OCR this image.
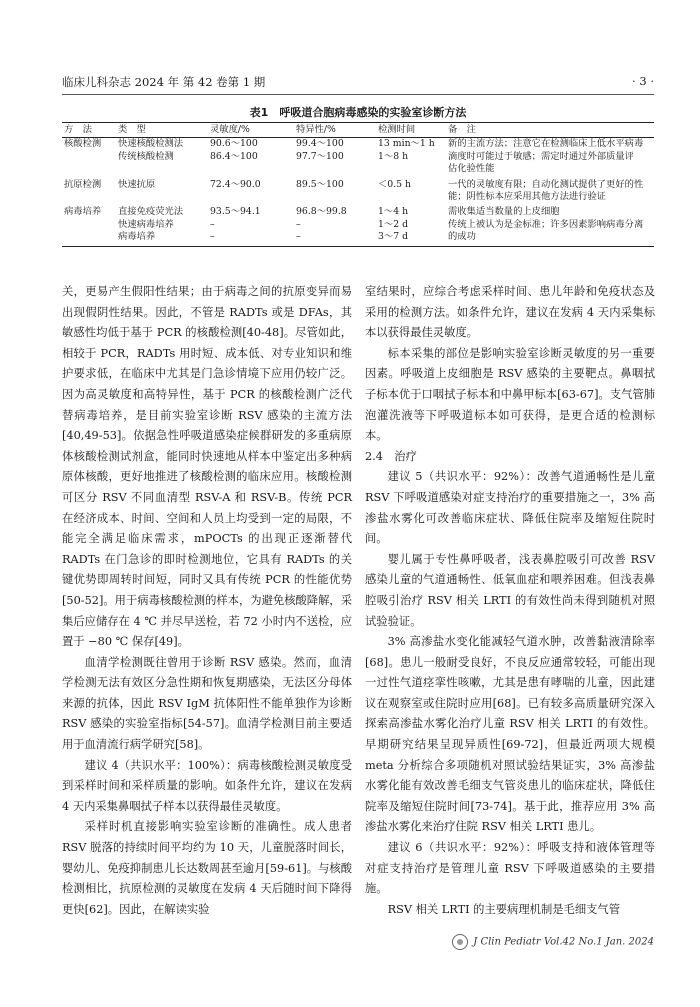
临床儿科杂志 2024 年 第 42 卷第 1 期	· 3 ·
表1　呼吸道合胞病毒感染的实验室诊断方法
方　法	类　型	灵敏度/%	特异性/%	检测时间	备　注
核酸检测	快速核酸检测法	90.6～100	99.4～100	13 min～1 h	新的主流方法；注意它在检测临床上低水平病毒
	传统核酸检测	86.4～100	97.7～100	1～8 h	滴度时可能过于敏感；需定时通过外部质量评
估化验性能
抗原检测	快速抗原	72.4～90.0	89.5～100	＜0.5 h	一代的灵敏度有限；自动化测试提供了更好的性
能；阴性标本应采用其他方法进行验证
病毒培养	直接免疫荧光法	93.5～94.1	96.8～99.8	1～4 h	需收集适当数量的上皮细胞
	快速病毒培养	–	–	1～2 d	传统上被认为是金标准；许多因素影响病毒分离
	病毒培养	–	–	3～7 d	的成功

关，更易产生假阳性结果；由于病毒之间的抗原变异而易出现假阴性结果。因此，不管是 RADTs 或是 DFAs，其敏感性均低于基于 PCR 的核酸检测[40-48]。尽管如此，相较于 PCR，RADTs 用时短、成本低、对专业知识和维护要求低，在临床中尤其是门急诊情境下应用仍较广泛。因为高灵敏度和高特异性，基于 PCR 的核酸检测广泛代替病毒培养，是目前实验室诊断 RSV 感染的主流方法[40,49-53]。依据急性呼吸道感染症候群研发的多重病原体核酸检测试剂盒，能同时快速地从样本中鉴定出多种病原体核酸，更好地推进了核酸检测的临床应用。核酸检测可区分 RSV 不同血清型 RSV-A 和 RSV-B。传统 PCR 在经济成本、时间、空间和人员上均受到一定的局限，不能完全满足临床需求，mPOCTs 的出现正逐渐替代 RADTs 在门急诊的即时检测地位，它具有 RADTs 的关键优势即周转时间短，同时又具有传统 PCR 的性能优势[50-52]。用于病毒核酸检测的样本，为避免核酸降解，采集后应储存在 4 ℃ 并尽早送检，若 72 小时内不送检，应置于 −80 ℃ 保存[49]。

血清学检测既往曾用于诊断 RSV 感染。然而，血清学检测无法有效区分急性期和恢复期感染，无法区分母体来源的抗体，因此 RSV IgM 抗体阳性不能单独作为诊断 RSV 感染的实验室指标[54-57]。血清学检测目前主要适用于血清流行病学研究[58]。

建议 4（共识水平：100%）：病毒核酸检测灵敏度受到采样时间和采样质量的影响。如条件允许，建议在发病 4 天内采集鼻咽拭子样本以获得最佳灵敏度。

采样时机直接影响实验室诊断的准确性。成人患者 RSV 脱落的持续时间平均约为 10 天，儿童脱落时间长，婴幼儿、免疫抑制患儿长达数周甚至逾月[59-61]。与核酸检测相比，抗原检测的灵敏度在发病 4 天后随时间下降得更快[62]。因此，在解读实验

室结果时，应综合考虑采样时间、患儿年龄和免疫状态及采用的检测方法。如条件允许，建议在发病 4 天内采集标本以获得最佳灵敏度。

标本采集的部位是影响实验室诊断灵敏度的另一重要因素。呼吸道上皮细胞是 RSV 感染的主要靶点。鼻咽拭子标本优于口咽拭子标本和中鼻甲标本[63-67]。支气管肺泡灌洗液等下呼吸道标本如可获得，是更合适的检测标本。

2.4　治疗

建议 5（共识水平：92%）：改善气道通畅性是儿童 RSV 下呼吸道感染对症支持治疗的重要措施之一，3% 高渗盐水雾化可改善临床症状、降低住院率及缩短住院时间。

婴儿属于专性鼻呼吸者，浅表鼻腔吸引可改善 RSV 感染儿童的气道通畅性、低氧血症和喂养困难。但浅表鼻腔吸引治疗 RSV 相关 LRTI 的有效性尚未得到随机对照试验验证。

3% 高渗盐水变化能减轻气道水肿，改善黏液清除率[68]。患儿一般耐受良好，不良反应通常较轻，可能出现一过性气道痉挛性咳嗽，尤其是患有哮喘的儿童，因此建议在观察室或住院时应用[68]。已有较多高质量研究深入探索高渗盐水雾化治疗儿童 RSV 相关 LRTI 的有效性。早期研究结果呈现异质性[69-72]，但最近两项大规模 meta 分析综合多项随机对照试验结果证实，3% 高渗盐水雾化能有效改善毛细支气管炎患儿的临床症状，降低住院率及缩短住院时间[73-74]。基于此，推荐应用 3% 高渗盐水雾化来治疗住院 RSV 相关 LRTI 患儿。

建议 6（共识水平：92%）：呼吸支持和液体管理等对症支持治疗是管理儿童 RSV 下呼吸道感染的主要措施。

RSV 相关 LRTI 的主要病理机制是毛细支气管

J Clin Pediatr Vol.42 No.1 Jan. 2024
